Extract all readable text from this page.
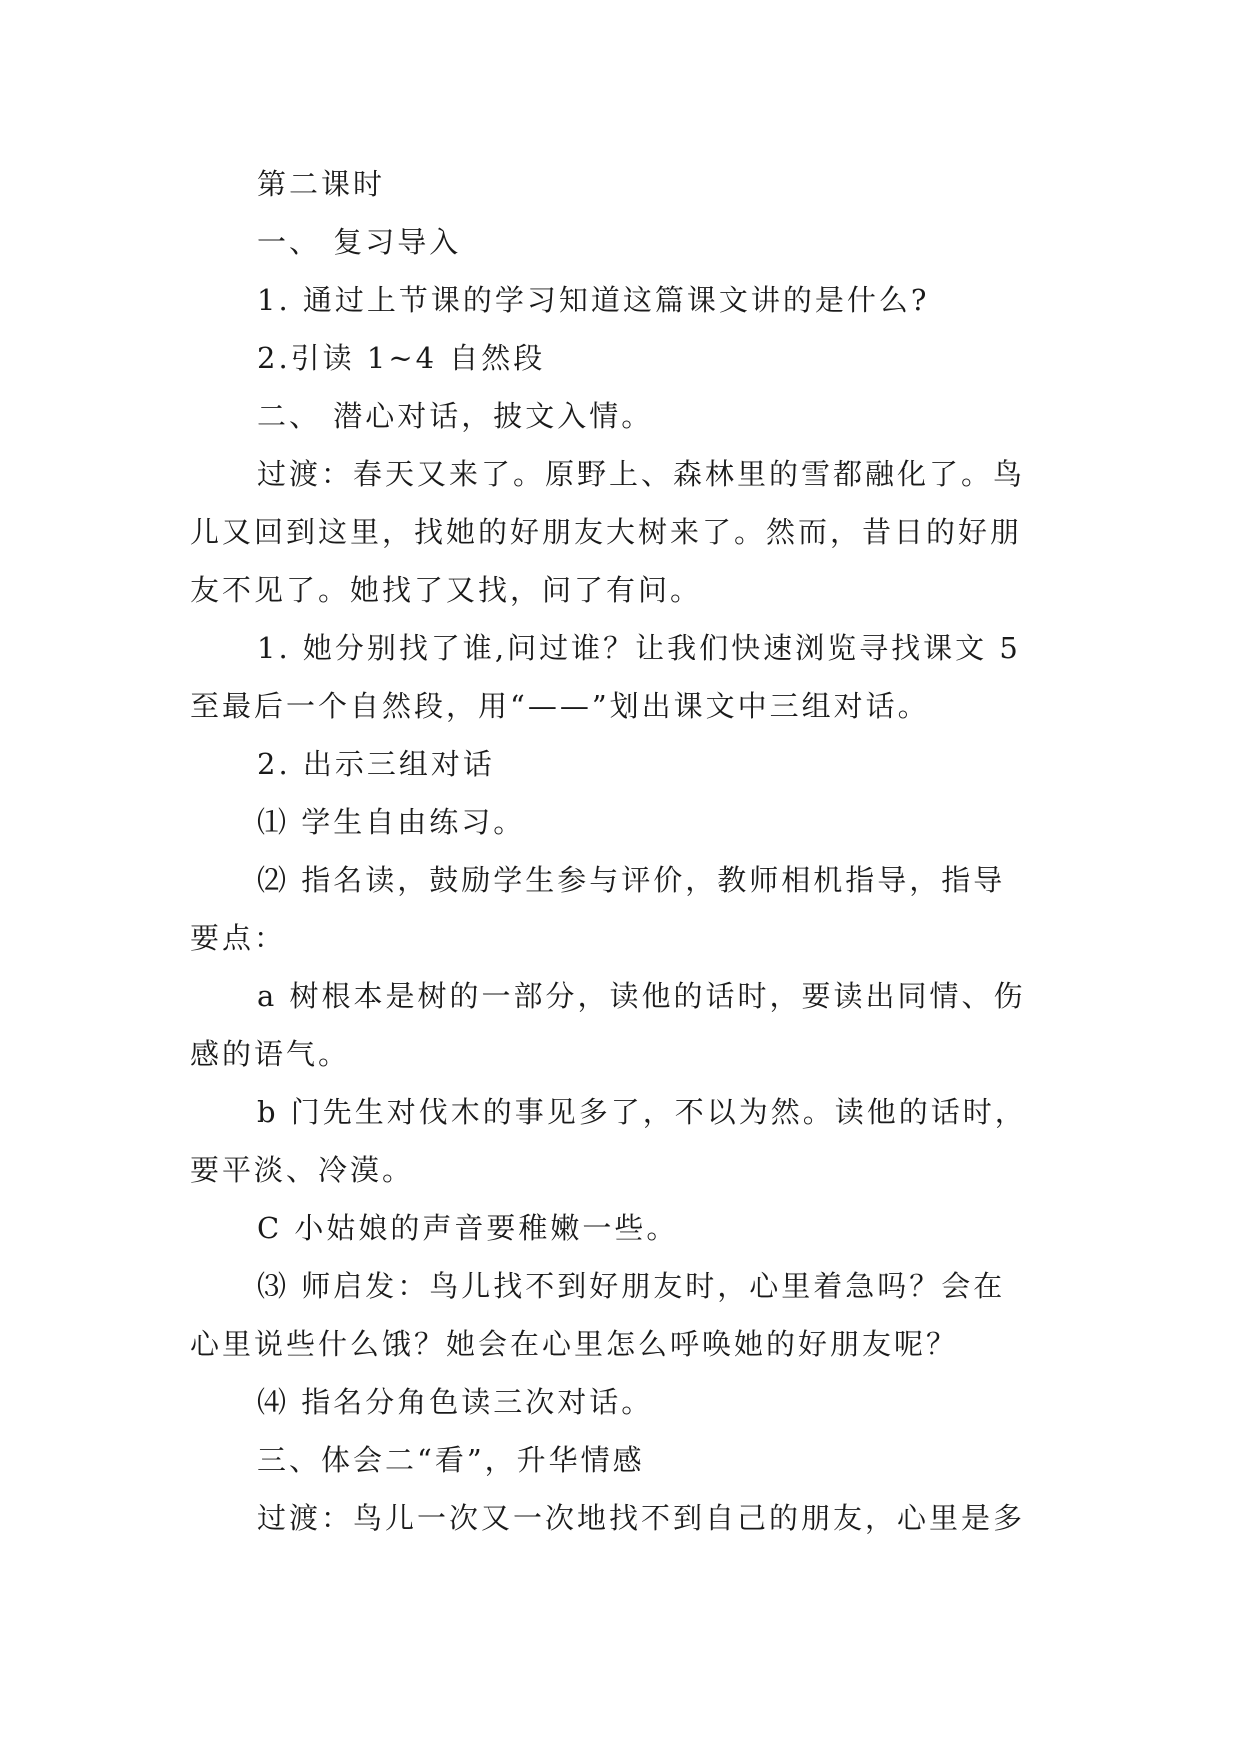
第二课时
一、 复习导入
1. 通过上节课的学习知道这篇课文讲的是什么?
2.引读 1~4 自然段
二、 潜心对话，披文入情。
过渡：春天又来了。原野上、森林里的雪都融化了。鸟
儿又回到这里，找她的好朋友大树来了。然而，昔日的好朋
友不见了。她找了又找，问了有问。
1. 她分别找了谁,问过谁？让我们快速浏览寻找课文 5
至最后一个自然段，用“——”划出课文中三组对话。
2. 出示三组对话
⑴ 学生自由练习。
⑵ 指名读，鼓励学生参与评价，教师相机指导，指导
要点：
a 树根本是树的一部分，读他的话时，要读出同情、伤
感的语气。
b 门先生对伐木的事见多了，不以为然。读他的话时，
要平淡、冷漠。
C 小姑娘的声音要稚嫩一些。
⑶ 师启发：鸟儿找不到好朋友时，心里着急吗？会在
心里说些什么饿？她会在心里怎么呼唤她的好朋友呢？
⑷ 指名分角色读三次对话。
三、体会二“看”，升华情感
过渡：鸟儿一次又一次地找不到自己的朋友，心里是多
